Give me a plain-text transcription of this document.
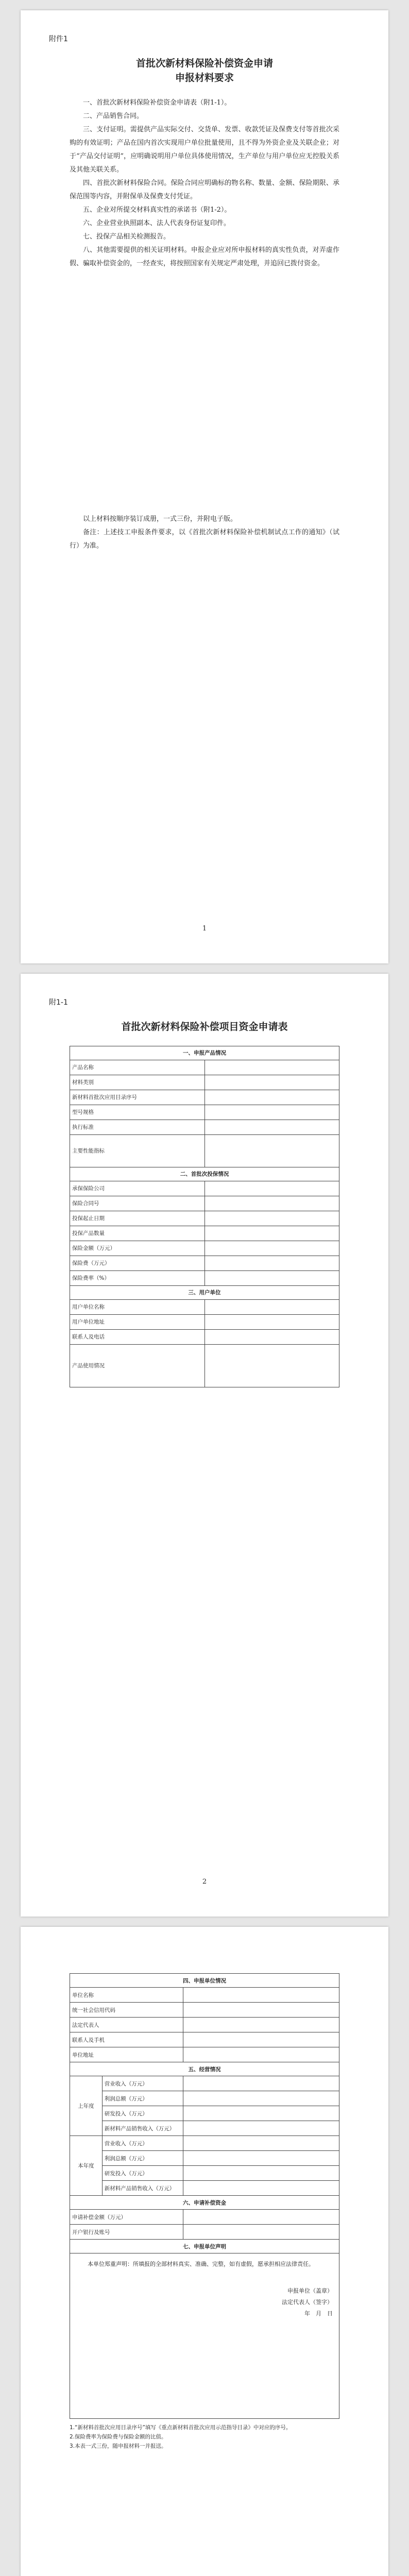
附件1
首批次新材料保险补偿资金申请
申报材料要求

一、首批次新材料保险补偿资金申请表（附1-1）。

二、产品销售合同。

三、支付证明。需提供产品实际交付、交货单、发票、收款凭证及保费支付等首批次采购的有效证明；产品在国内首次实现用户单位批量使用，且不得为外资企业及关联企业；对于“产品交付证明”，应明确说明用户单位具体使用情况，生产单位与用户单位应无控股关系及其他关联关系。

四、首批次新材料保险合同。保险合同应明确标的物名称、数量、金额、保险期限、承保范围等内容，并附保单及保费支付凭证。

五、企业对所提交材料真实性的承诺书（附1-2）。

六、企业营业执照副本、法人代表身份证复印件。

七、投保产品相关检测报告。

八、其他需要提供的相关证明材料。申报企业应对所申报材料的真实性负责，对弄虚作假、骗取补偿资金的，一经查实，将按照国家有关规定严肃处理，并追回已拨付资金。

以上材料按顺序装订成册，一式三份，并附电子版。

备注：上述技工申报条件要求，以《首批次新材料保险补偿机制试点工作的通知》（试行）为准。

1
附1-1
首批次新材料保险补偿项目资金申请表
一、申报产品情况	
产品名称	
材料类别	
新材料首批次应用目录序号	
型号规格	
执行标准	
主要性能指标	
二、首批次投保情况	
承保保险公司	
保险合同号	
投保起止日期	
投保产品数量	
保险金额（万元）	
保险费（万元）	
保险费率（%）	
三、用户单位	
用户单位名称	
用户单位地址	
联系人及电话	
产品使用情况	
2
四、申报单位情况		
单位名称		
统一社会信用代码		
法定代表人		
联系人及手机		
单位地址		
五、经营情况		
上年度	营业收入（万元）	
	利润总额（万元）	
	研发投入（万元）	
	新材料产品销售收入（万元）	
本年度	营业收入（万元）	
	利润总额（万元）	
	研发投入（万元）	
	新材料产品销售收入（万元）	
六、申请补偿资金		
申请补偿金额（万元）		
开户银行及账号		
七、申报单位声明		

本单位郑重声明：所填报的全部材料真实、准确、完整，如有虚假，愿承担相应法律责任。
申报单位（盖章）
法定代表人（签字）
年　月　日		
1.“新材料首批次应用目录序号”填写《重点新材料首批次应用示范指导目录》中对应的序号。
2.保险费率为保险费与保险金额的比值。
3.本表一式三份，随申报材料一并报送。
